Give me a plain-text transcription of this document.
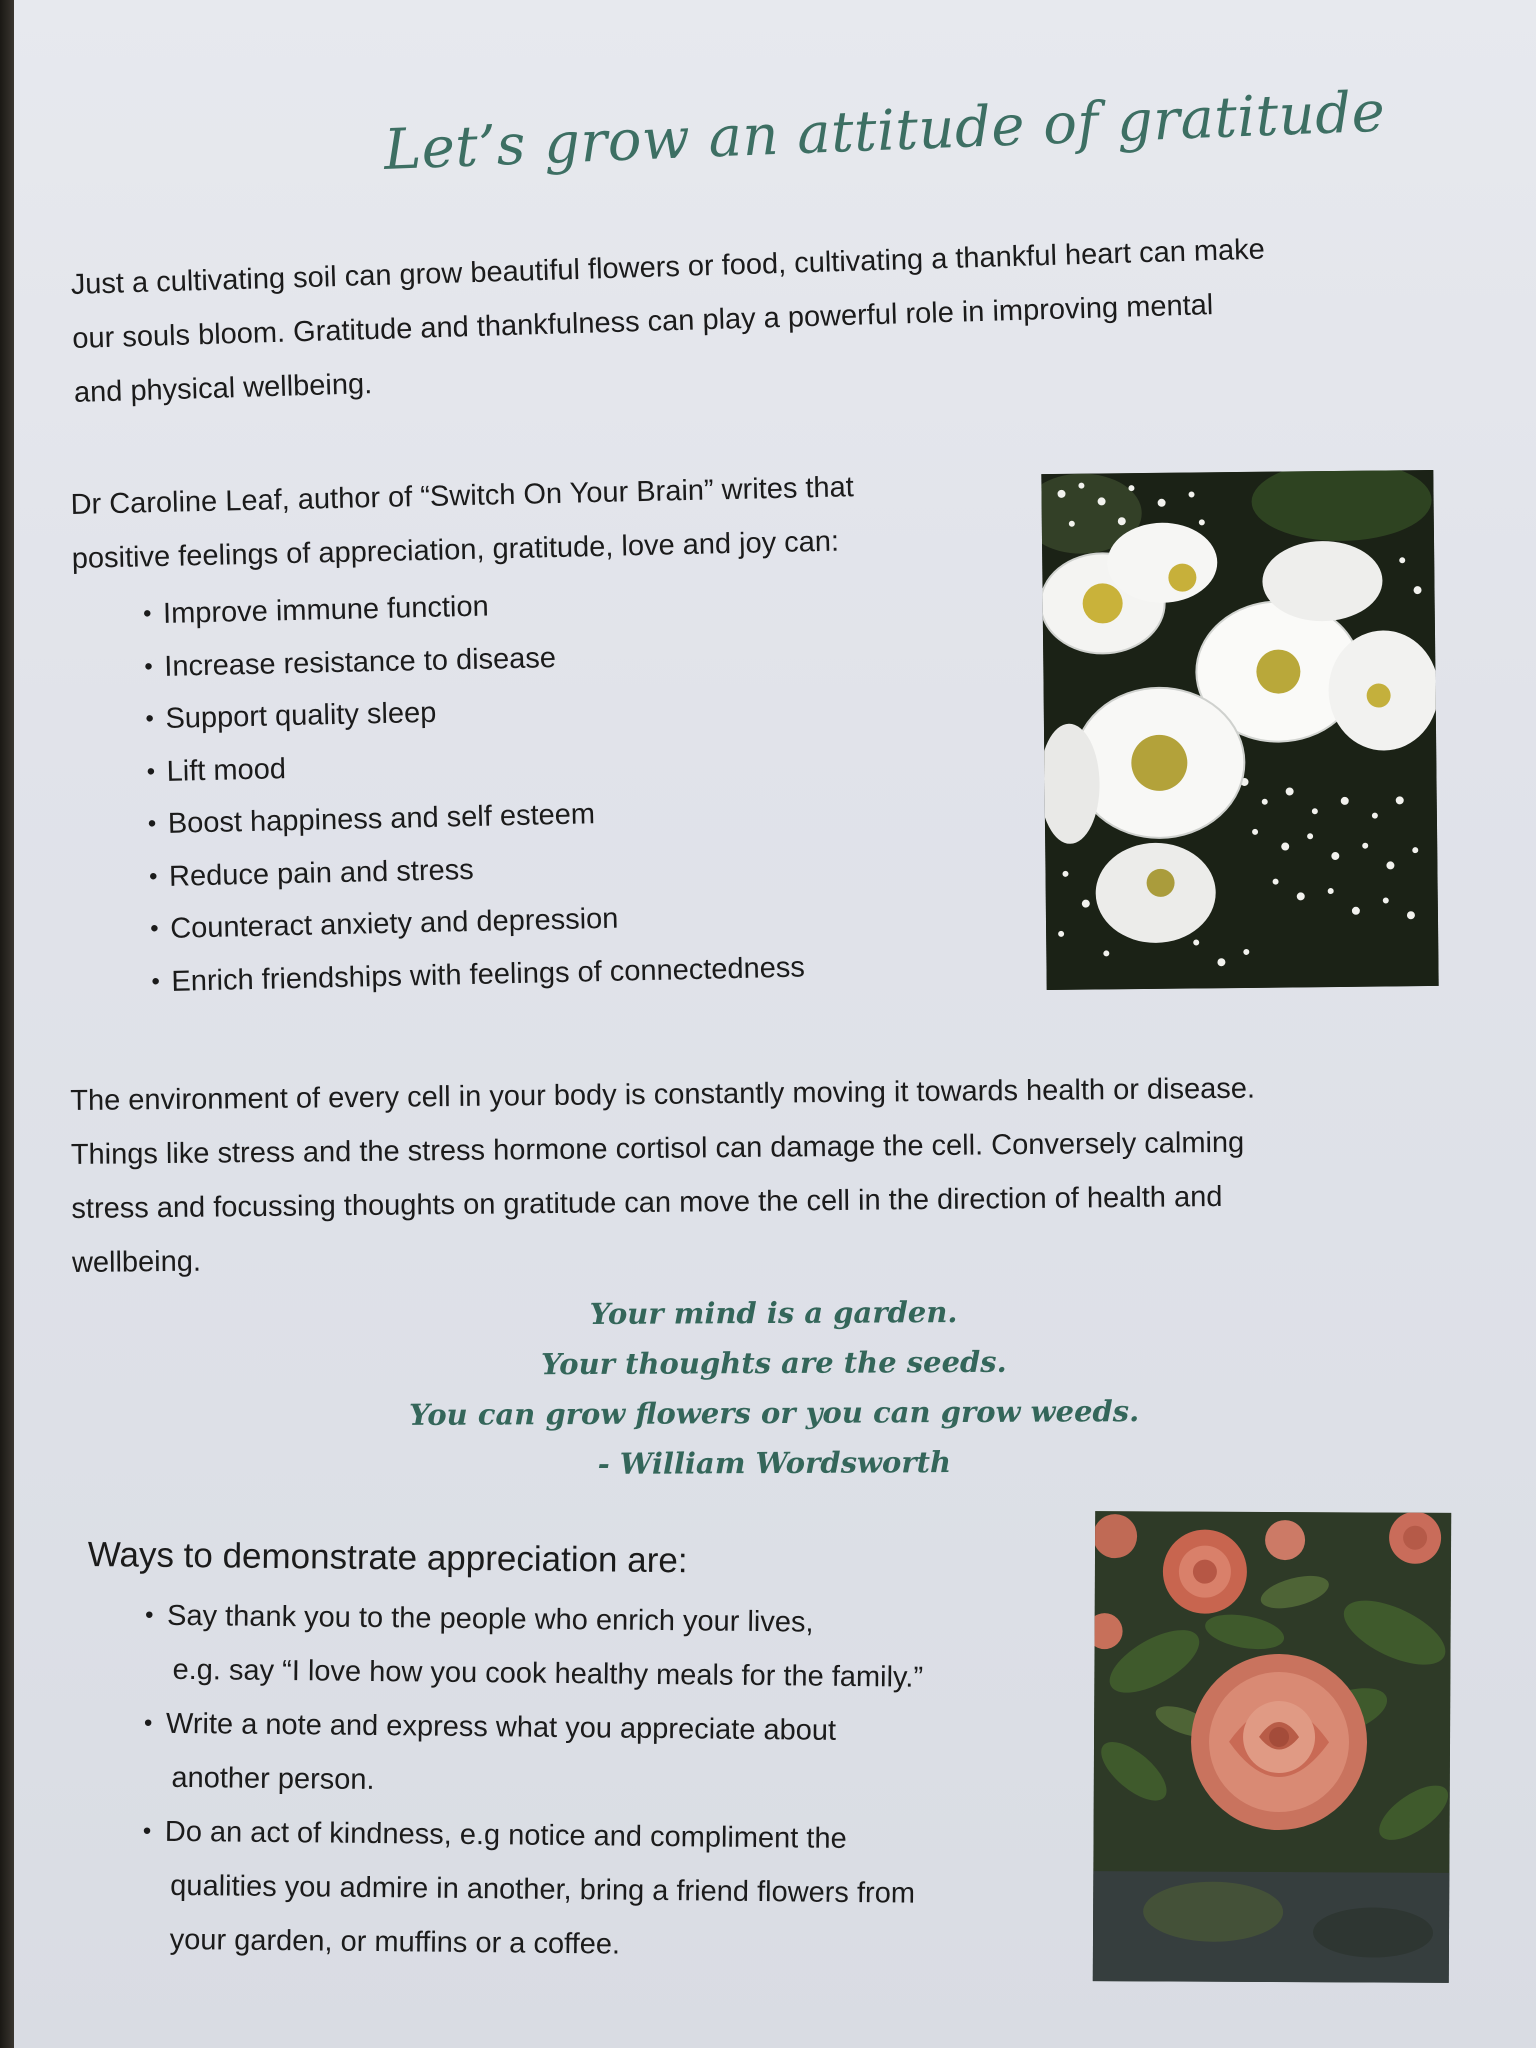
Let’s grow an attitude of gratitude

Just a cultivating soil can grow beautiful flowers or food, cultivating a thankful heart can make

our souls bloom. Gratitude and thankfulness can play a powerful role in improving mental

and physical wellbeing.

Dr Caroline Leaf, author of “Switch On Your Brain” writes that

positive feelings of appreciation, gratitude, love and joy can:

• Improve immune function
• Increase resistance to disease
• Support quality sleep
• Lift mood
• Boost happiness and self esteem
• Reduce pain and stress
• Counteract anxiety and depression
• Enrich friendships with feelings of connectedness

The environment of every cell in your body is constantly moving it towards health or disease.

Things like stress and the stress hormone cortisol can damage the cell. Conversely calming

stress and focussing thoughts on gratitude can move the cell in the direction of health and

wellbeing.

Your mind is a garden.
Your thoughts are the seeds.
You can grow flowers or you can grow weeds.
- William Wordsworth
Ways to demonstrate appreciation are:
• Say thank you to the people who enrich your lives,
e.g. say “I love how you cook healthy meals for the family.”
• Write a note and express what you appreciate about
another person.
• Do an act of kindness, e.g notice and compliment the
qualities you admire in another, bring a friend flowers from
your garden, or muffins or a coffee.
